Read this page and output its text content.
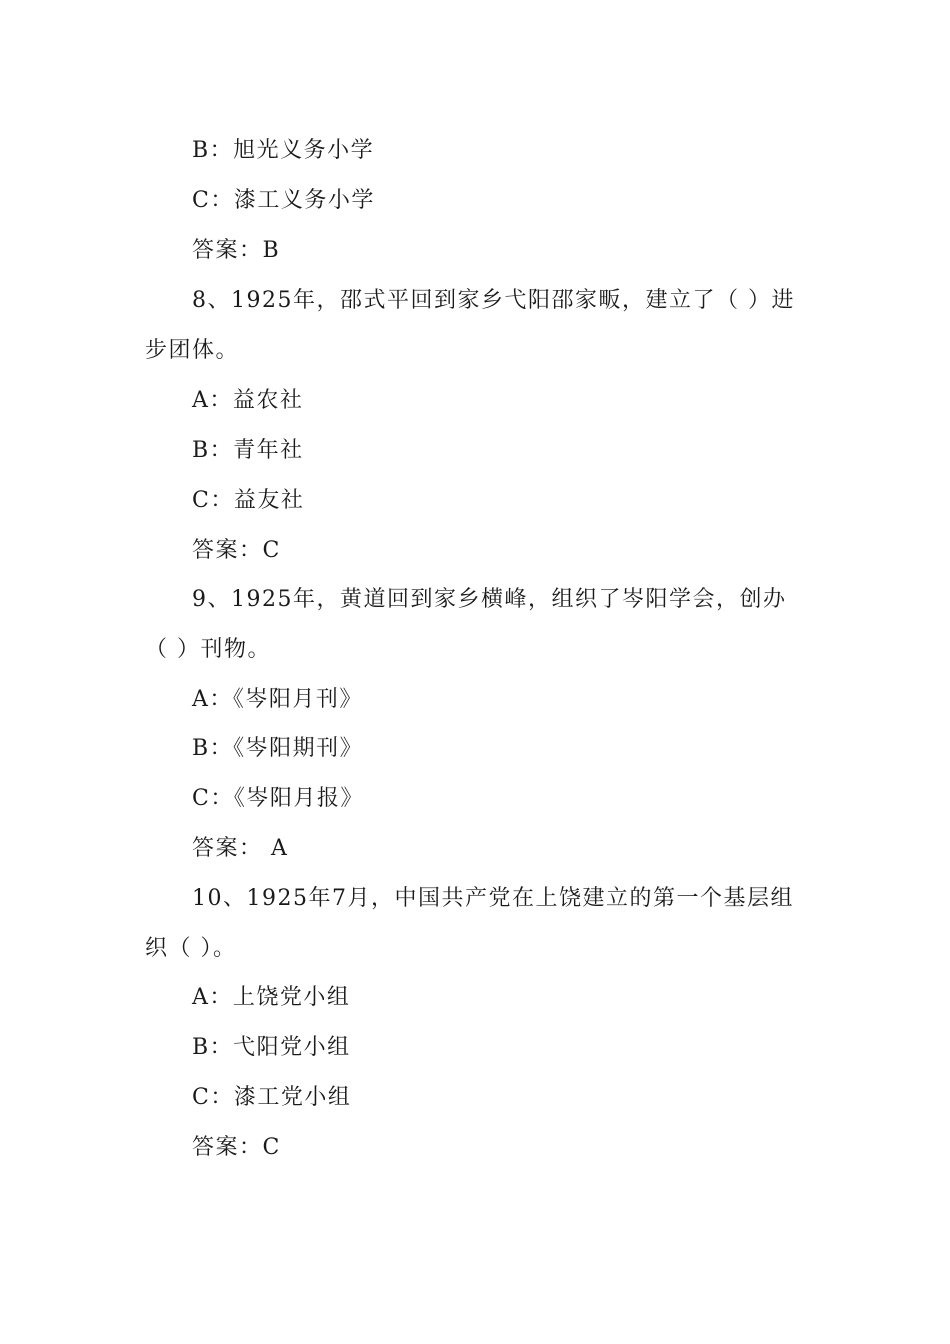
B：旭光义务小学
C：漆工义务小学
答案：B
8、1925年，邵式平回到家乡弋阳邵家畈，建立了（ ）进
步团体。
A：益农社
B：青年社
C：益友社
答案：C
9、1925年，黄道回到家乡横峰，组织了岑阳学会，创办
（ ）刊物。
A：《岑阳月刊》
B：《岑阳期刊》
C：《岑阳月报》
答案： A
10、1925年7月，中国共产党在上饶建立的第一个基层组
织（ ）。
A：上饶党小组
B：弋阳党小组
C：漆工党小组
答案：C
